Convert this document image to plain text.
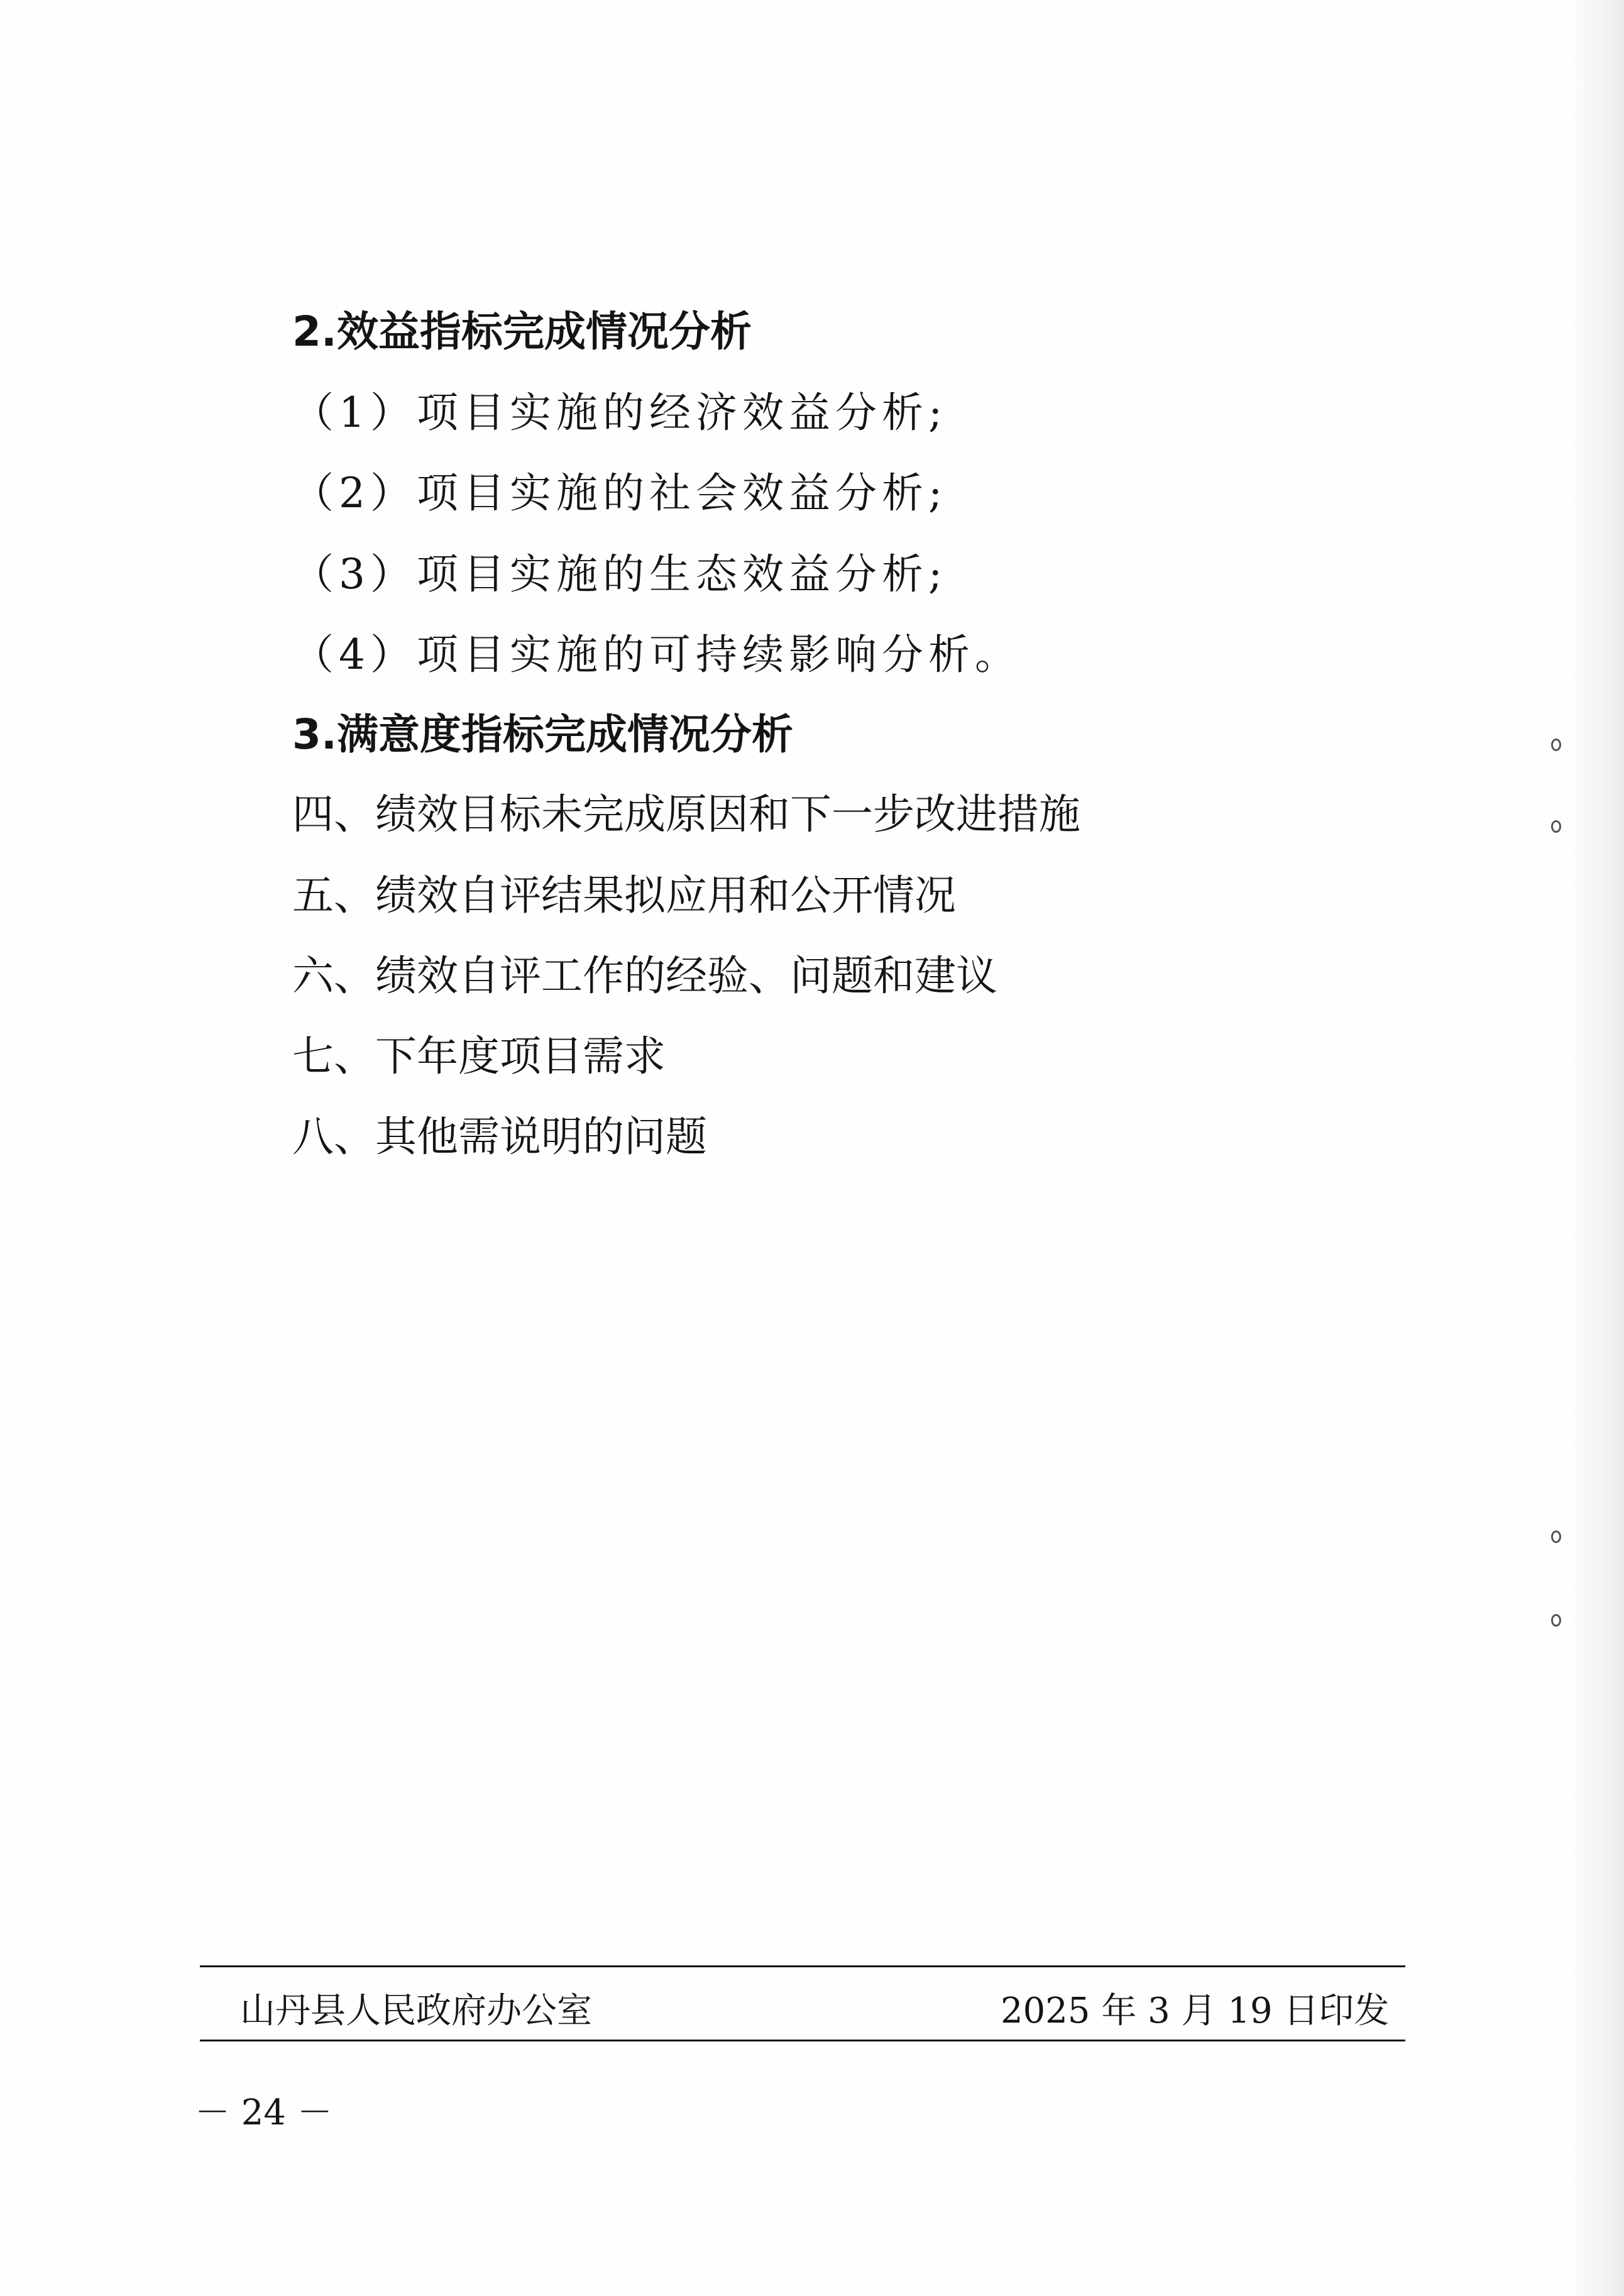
2.效益指标完成情况分析
（1）项目实施的经济效益分析;
（2）项目实施的社会效益分析;
（3）项目实施的生态效益分析;
（4）项目实施的可持续影响分析。
3.满意度指标完成情况分析
四、绩效目标未完成原因和下一步改进措施
五、绩效自评结果拟应用和公开情况
六、绩效自评工作的经验、问题和建议
七、下年度项目需求
八、其他需说明的问题
山丹县人民政府办公室	2025 年 3 月 19 日印发
－ 24 －
